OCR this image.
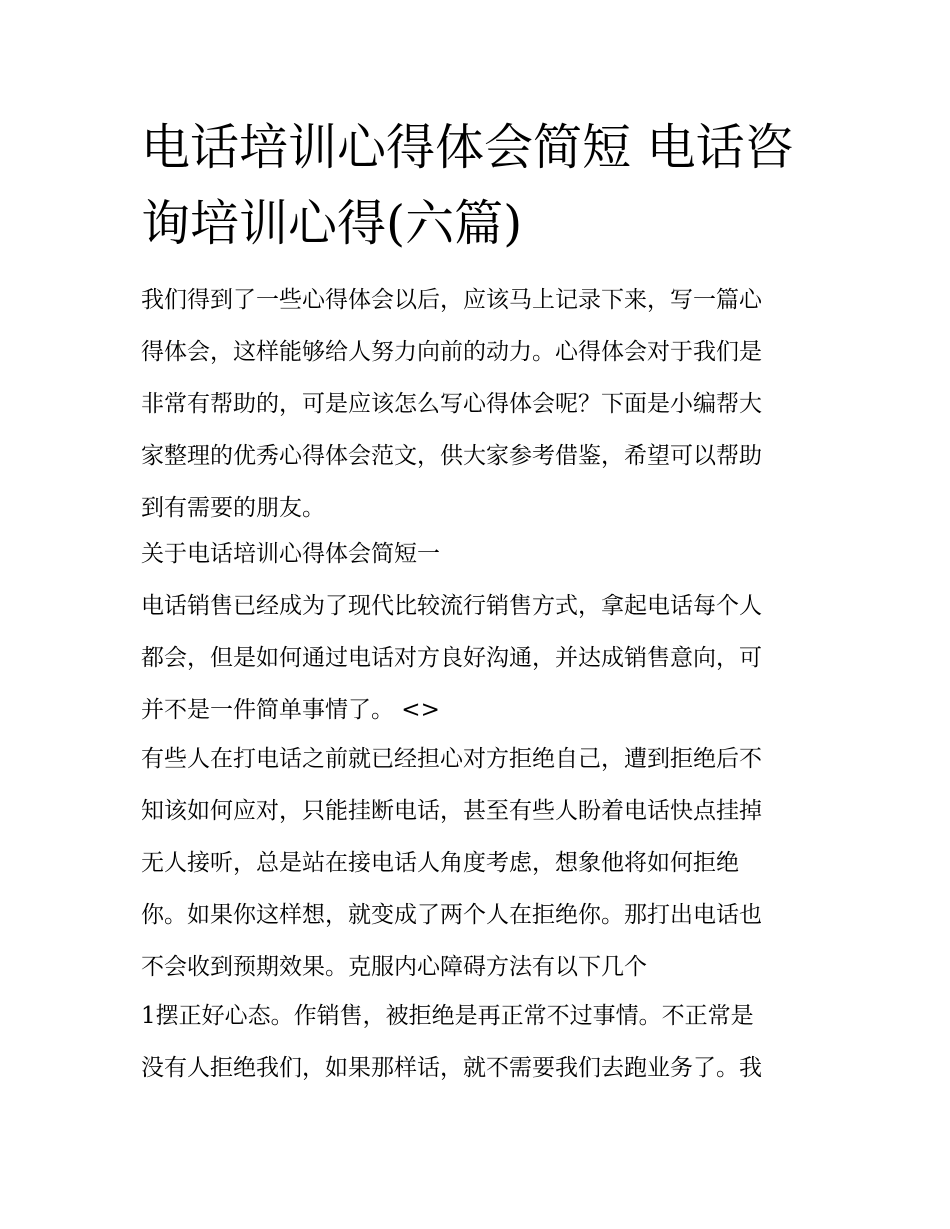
电话培训心得体会简短 电话咨
询培训心得(六篇)

我们得到了一些心得体会以后，应该马上记录下来，写一篇心

得体会，这样能够给人努力向前的动力。心得体会对于我们是

非常有帮助的，可是应该怎么写心得体会呢？下面是小编帮大

家整理的优秀心得体会范文，供大家参考借鉴，希望可以帮助

到有需要的朋友。

关于电话培训心得体会简短一

电话销售已经成为了现代比较流行销售方式，拿起电话每个人

都会，但是如何通过电话对方良好沟通，并达成销售意向，可

并不是一件简单事情了。 <>

有些人在打电话之前就已经担心对方拒绝自己，遭到拒绝后不

知该如何应对，只能挂断电话，甚至有些人盼着电话快点挂掉

无人接听，总是站在接电话人角度考虑，想象他将如何拒绝

你。如果你这样想，就变成了两个人在拒绝你。那打出电话也

不会收到预期效果。克服内心障碍方法有以下几个

1摆正好心态。作销售，被拒绝是再正常不过事情。不正常是

没有人拒绝我们，如果那样话，就不需要我们去跑业务了。我
